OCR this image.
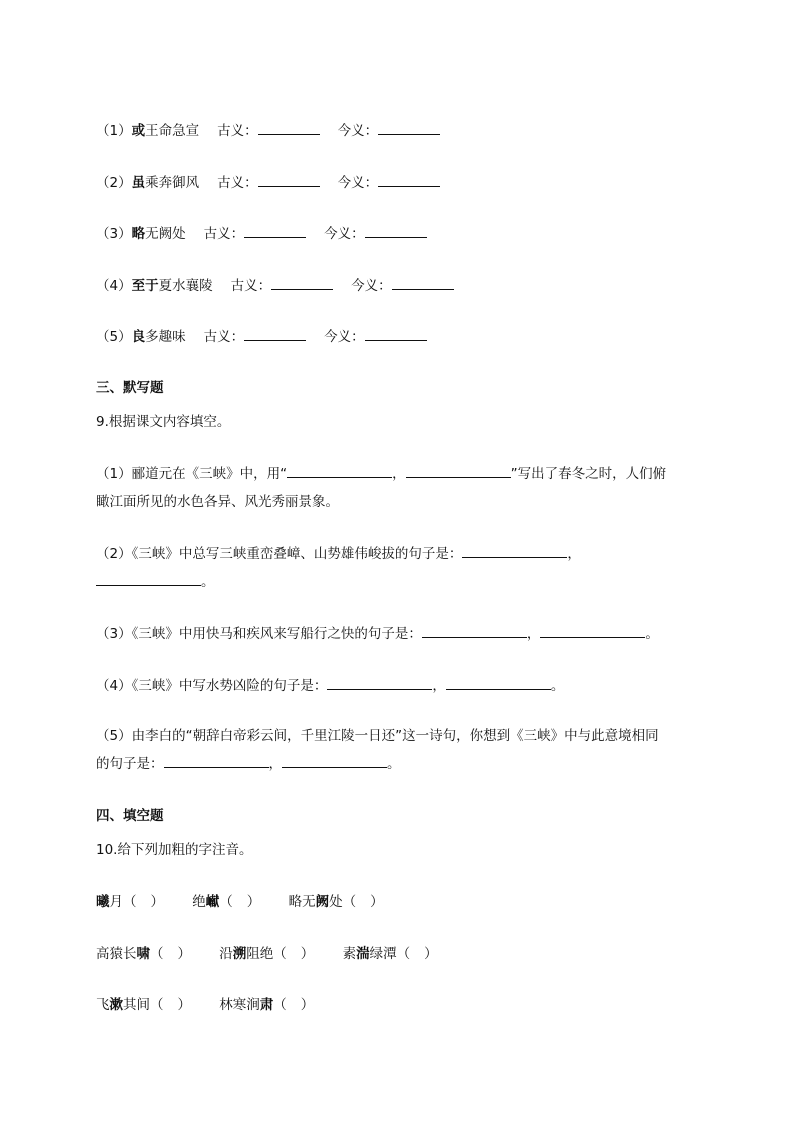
（1）或王命急宣 古义：	今义：
（2）虽乘奔御风 古义：	今义：
（3）略无阙处 古义：	今义：
（4）至于夏水襄陵 古义：	今义：
（5）良多趣味 古义：	今义：
三、默写题
9.根据课文内容填空。
（1）郦道元在《三峡》中，用“	，	”写出了春冬之时，人们俯
瞰江面所见的水色各异、风光秀丽景象。
（2）《三峡》中总写三峡重峦叠嶂、山势雄伟峻拔的句子是：	，
。
（3）《三峡》中用快马和疾风来写船行之快的句子是：	，	。
（4）《三峡》中写水势凶险的句子是：	，	。
（5）由李白的“朝辞白帝彩云间，千里江陵一日还”这一诗句，你想到《三峡》中与此意境相同
的句子是：	，	。
四、填空题
10.给下列加粗的字注音。
曦月（ ） 绝𪩘（ ） 略无阙处（ ）
高猿长啸（ ） 沿溯阻绝（ ） 素湍绿潭（ ）
飞漱其间（ ） 林寒涧肃（ ）
